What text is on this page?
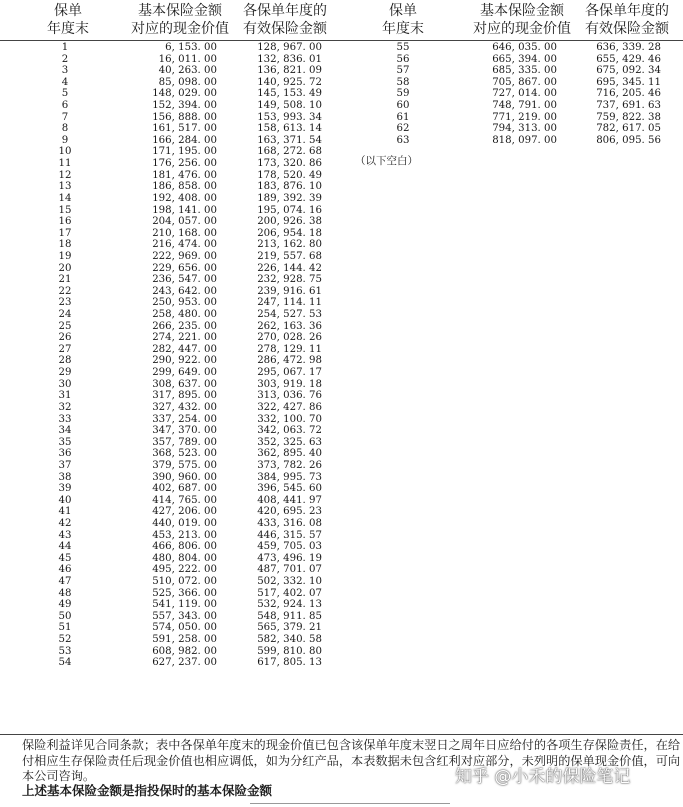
保单
年度末
基本保险金额
对应的现金价值
各保单年度的
有效保险金额
保单
年度末
基本保险金额
对应的现金价值
各保单年度的
有效保险金额
1	6, 153. 00	128, 967. 00
2	16, 011. 00	132, 836. 01
3	40, 263. 00	136, 821. 09
4	85, 098. 00	140, 925. 72
5	148, 029. 00	145, 153. 49
6	152, 394. 00	149, 508. 10
7	156, 888. 00	153, 993. 34
8	161, 517. 00	158, 613. 14
9	166, 284. 00	163, 371. 54
10	171, 195. 00	168, 272. 68
11	176, 256. 00	173, 320. 86
12	181, 476. 00	178, 520. 49
13	186, 858. 00	183, 876. 10
14	192, 408. 00	189, 392. 39
15	198, 141. 00	195, 074. 16
16	204, 057. 00	200, 926. 38
17	210, 168. 00	206, 954. 18
18	216, 474. 00	213, 162. 80
19	222, 969. 00	219, 557. 68
20	229, 656. 00	226, 144. 42
21	236, 547. 00	232, 928. 75
22	243, 642. 00	239, 916. 61
23	250, 953. 00	247, 114. 11
24	258, 480. 00	254, 527. 53
25	266, 235. 00	262, 163. 36
26	274, 221. 00	270, 028. 26
27	282, 447. 00	278, 129. 11
28	290, 922. 00	286, 472. 98
29	299, 649. 00	295, 067. 17
30	308, 637. 00	303, 919. 18
31	317, 895. 00	313, 036. 76
32	327, 432. 00	322, 427. 86
33	337, 254. 00	332, 100. 70
34	347, 370. 00	342, 063. 72
35	357, 789. 00	352, 325. 63
36	368, 523. 00	362, 895. 40
37	379, 575. 00	373, 782. 26
38	390, 960. 00	384, 995. 73
39	402, 687. 00	396, 545. 60
40	414, 765. 00	408, 441. 97
41	427, 206. 00	420, 695. 23
42	440, 019. 00	433, 316. 08
43	453, 213. 00	446, 315. 57
44	466, 806. 00	459, 705. 03
45	480, 804. 00	473, 496. 19
46	495, 222. 00	487, 701. 07
47	510, 072. 00	502, 332. 10
48	525, 366. 00	517, 402. 07
49	541, 119. 00	532, 924. 13
50	557, 343. 00	548, 911. 85
51	574, 050. 00	565, 379. 21
52	591, 258. 00	582, 340. 58
53	608, 982. 00	599, 810. 80
54	627, 237. 00	617, 805. 13
55	646, 035. 00	636, 339. 28
56	665, 394. 00	655, 429. 46
57	685, 335. 00	675, 092. 34
58	705, 867. 00	695, 345. 11
59	727, 014. 00	716, 205. 46
60	748, 791. 00	737, 691. 63
61	771, 219. 00	759, 822. 38
62	794, 313. 00	782, 617. 05
63	818, 097. 00	806, 095. 56
（以下空白）
保险利益详见合同条款；表中各保单年度末的现金价值已包含该保单年度末翌日之周年日应给付的各项生存保险责任，在给付相应生存保险责任后现金价值也相应调低，如为分红产品，本表数据未包含红利对应部分，未列明的保单现金价值，可向本公司咨询。
上述基本保险金额是指投保时的基本保险金额
知乎 @小禾的保险笔记
